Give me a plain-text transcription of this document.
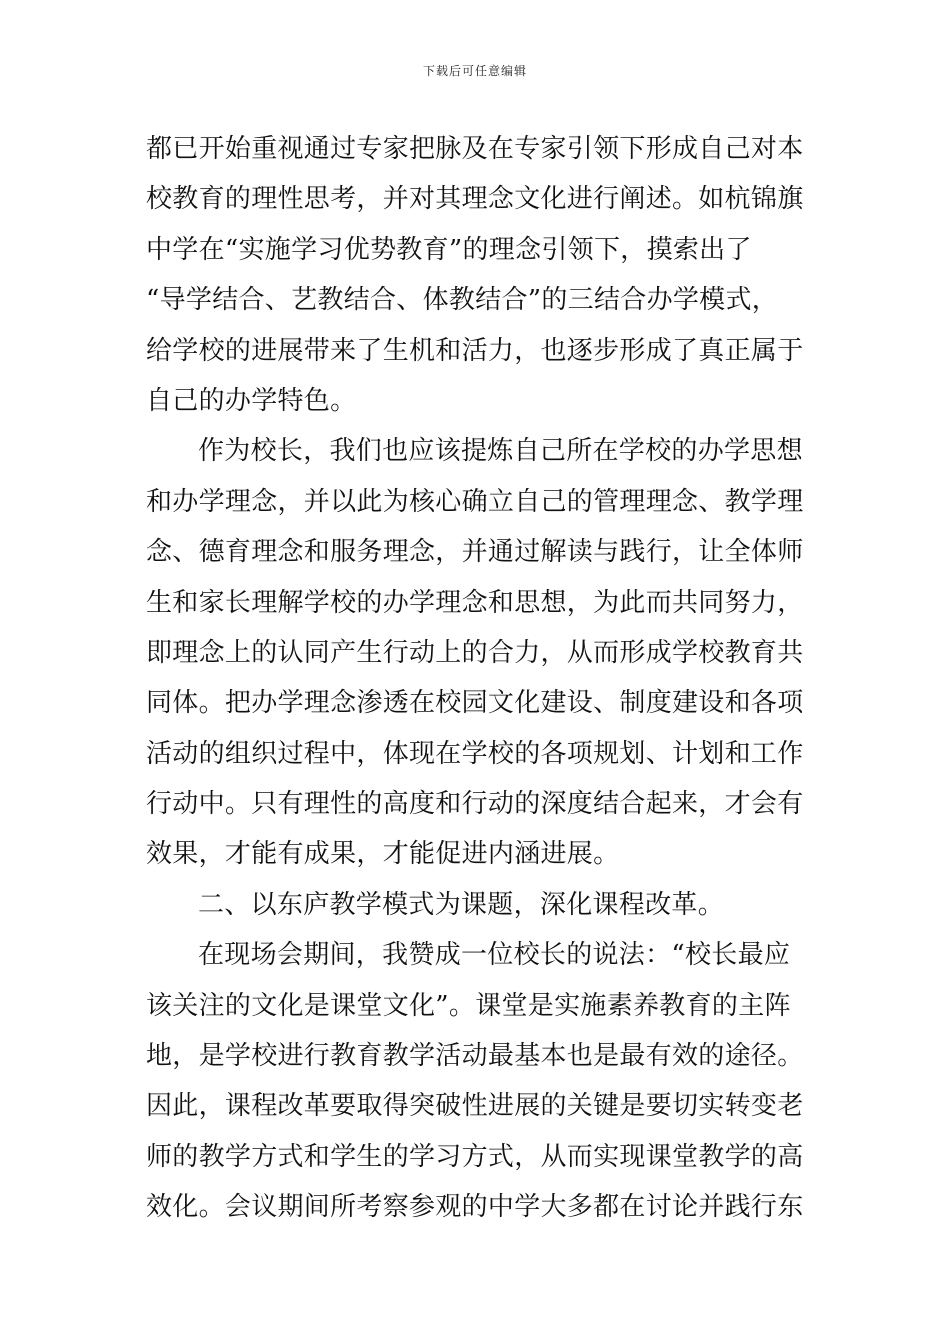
下载后可任意编辑
都已开始重视通过专家把脉及在专家引领下形成自己对本
校教育的理性思考，并对其理念文化进行阐述。如杭锦旗
中学在“实施学习优势教育”的理念引领下，摸索出了
“导学结合、艺教结合、体教结合”的三结合办学模式，
给学校的进展带来了生机和活力，也逐步形成了真正属于
自己的办学特色。
作为校长，我们也应该提炼自己所在学校的办学思想
和办学理念，并以此为核心确立自己的管理理念、教学理
念、德育理念和服务理念，并通过解读与践行，让全体师
生和家长理解学校的办学理念和思想，为此而共同努力，
即理念上的认同产生行动上的合力，从而形成学校教育共
同体。把办学理念渗透在校园文化建设、制度建设和各项
活动的组织过程中，体现在学校的各项规划、计划和工作
行动中。只有理性的高度和行动的深度结合起来，才会有
效果，才能有成果，才能促进内涵进展。
二、以东庐教学模式为课题，深化课程改革。
在现场会期间，我赞成一位校长的说法：“校长最应
该关注的文化是课堂文化”。课堂是实施素养教育的主阵
地，是学校进行教育教学活动最基本也是最有效的途径。
因此，课程改革要取得突破性进展的关键是要切实转变老
师的教学方式和学生的学习方式，从而实现课堂教学的高
效化。会议期间所考察参观的中学大多都在讨论并践行东
